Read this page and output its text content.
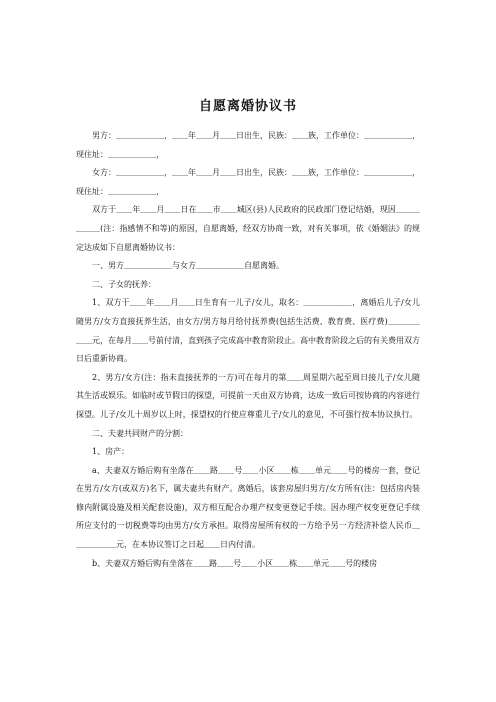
自愿离婚协议书

男方：＿＿＿＿＿＿，＿＿年＿＿月＿＿日出生，民族：＿＿族，工作单位：＿＿＿＿＿＿，现住址：＿＿＿＿＿＿，

女方：＿＿＿＿＿＿，＿＿年＿＿月＿＿日出生，民族：＿＿族，工作单位：＿＿＿＿＿＿，现住址：＿＿＿＿＿＿，

双方于＿＿年＿＿月＿＿日在＿＿市＿＿城区(县)人民政府的民政部门登记结婚，现因＿＿＿＿＿＿(注：指感情不和等)的原因，自愿离婚，经双方协商一致，对有关事项，依《婚姻法》的规定达成如下自愿离婚协议书：

一、男方＿＿＿＿＿＿与女方＿＿＿＿＿＿自愿离婚。

二、子女的抚养：

1、双方于＿＿年＿＿月＿＿日生育有一儿子/女儿，取名：＿＿＿＿＿＿，离婚后儿子/女儿随男方/女方直接抚养生活，由女方/男方每月给付抚养费(包括生活费、教育费、医疗费)＿＿＿＿＿＿元，在每月＿＿号前付清，直到孩子完成高中教育阶段止。高中教育阶段之后的有关费用双方日后重新协商。

2、男方/女方(注：指未直接抚养的一方)可在每月的第＿＿周星期六起至周日接儿子/女儿随其生活或娱乐。如临时或节假日的探望，可提前一天由双方协商，达成一致后可按协商的内容进行探望。儿子/女儿十周岁以上时，探望权的行使应尊重儿子/女儿的意见，不可强行按本协议执行。

二、夫妻共同财产的分割：

1、房产：

a、夫妻双方婚后购有坐落在＿＿路＿＿号＿＿小区＿＿栋＿＿单元＿＿号的楼房一套，登记在男方/女方(或双方)名下，属夫妻共有财产。离婚后，该套房屋归男方/女方所有(注：包括房内装修内附属设施及相关配套设施)，双方相互配合办理产权变更登记手续。因办理产权变更登记手续所应支付的一切税费等均由男方/女方承担。取得房屋所有权的一方给予另一方经济补偿人民币＿＿＿＿＿＿元，在本协议签订之日起＿＿日内付清。

b、夫妻双方婚后购有坐落在＿＿路＿＿号＿＿小区＿＿栋＿＿单元＿＿号的楼房
